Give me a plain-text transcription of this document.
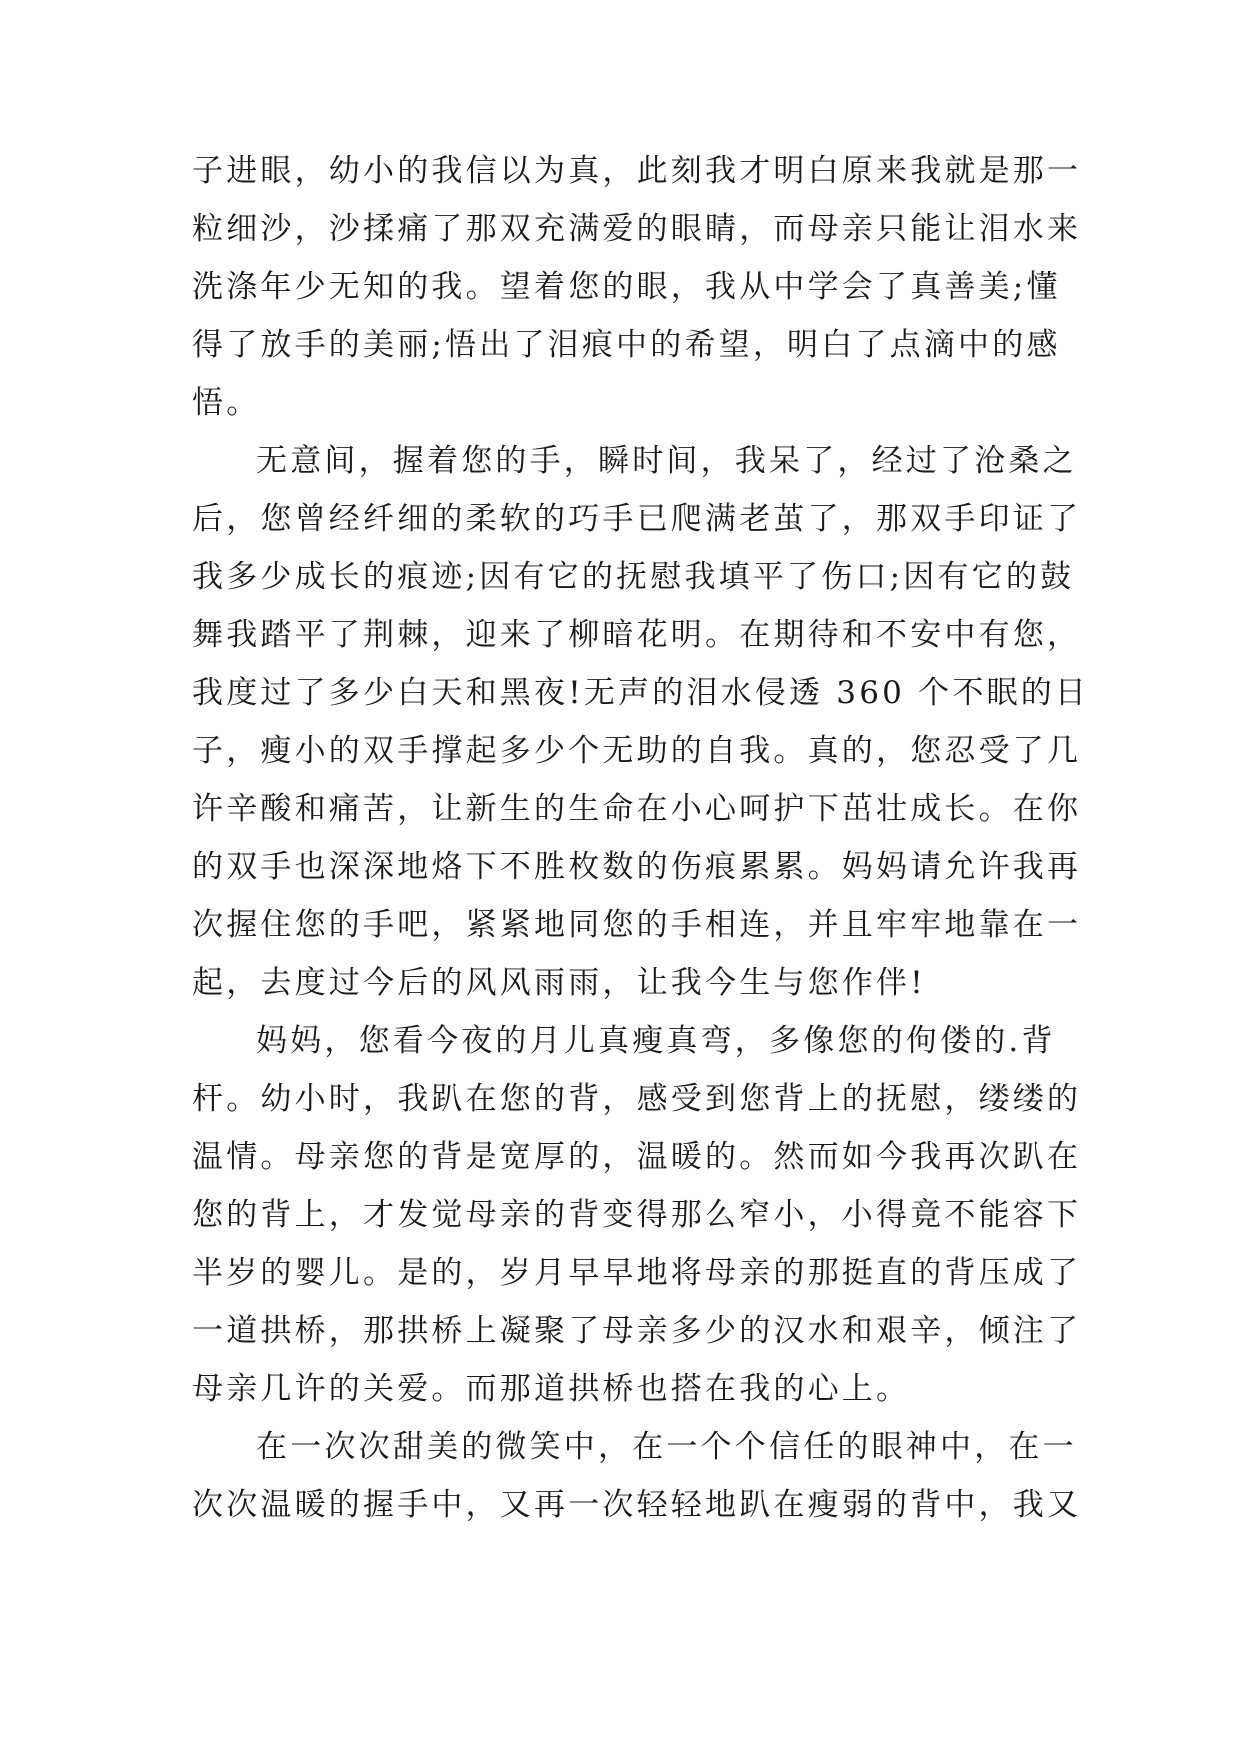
子进眼，幼小的我信以为真，此刻我才明白原来我就是那一
粒细沙，沙揉痛了那双充满爱的眼睛，而母亲只能让泪水来
洗涤年少无知的我。望着您的眼，我从中学会了真善美;懂
得了放手的美丽;悟出了泪痕中的希望，明白了点滴中的感
悟。
无意间，握着您的手，瞬时间，我呆了，经过了沧桑之
后，您曾经纤细的柔软的巧手已爬满老茧了，那双手印证了
我多少成长的痕迹;因有它的抚慰我填平了伤口;因有它的鼓
舞我踏平了荆棘，迎来了柳暗花明。在期待和不安中有您，
我度过了多少白天和黑夜!无声的泪水侵透 360 个不眠的日
子，瘦小的双手撑起多少个无助的自我。真的，您忍受了几
许辛酸和痛苦，让新生的生命在小心呵护下茁壮成长。在你
的双手也深深地烙下不胜枚数的伤痕累累。妈妈请允许我再
次握住您的手吧，紧紧地同您的手相连，并且牢牢地靠在一
起，去度过今后的风风雨雨，让我今生与您作伴!
妈妈，您看今夜的月儿真瘦真弯，多像您的佝偻的.背
杆。幼小时，我趴在您的背，感受到您背上的抚慰，缕缕的
温情。母亲您的背是宽厚的，温暖的。然而如今我再次趴在
您的背上，才发觉母亲的背变得那么窄小，小得竟不能容下
半岁的婴儿。是的，岁月早早地将母亲的那挺直的背压成了
一道拱桥，那拱桥上凝聚了母亲多少的汉水和艰辛，倾注了
母亲几许的关爱。而那道拱桥也搭在我的心上。
在一次次甜美的微笑中，在一个个信任的眼神中，在一
次次温暖的握手中，又再一次轻轻地趴在瘦弱的背中，我又
